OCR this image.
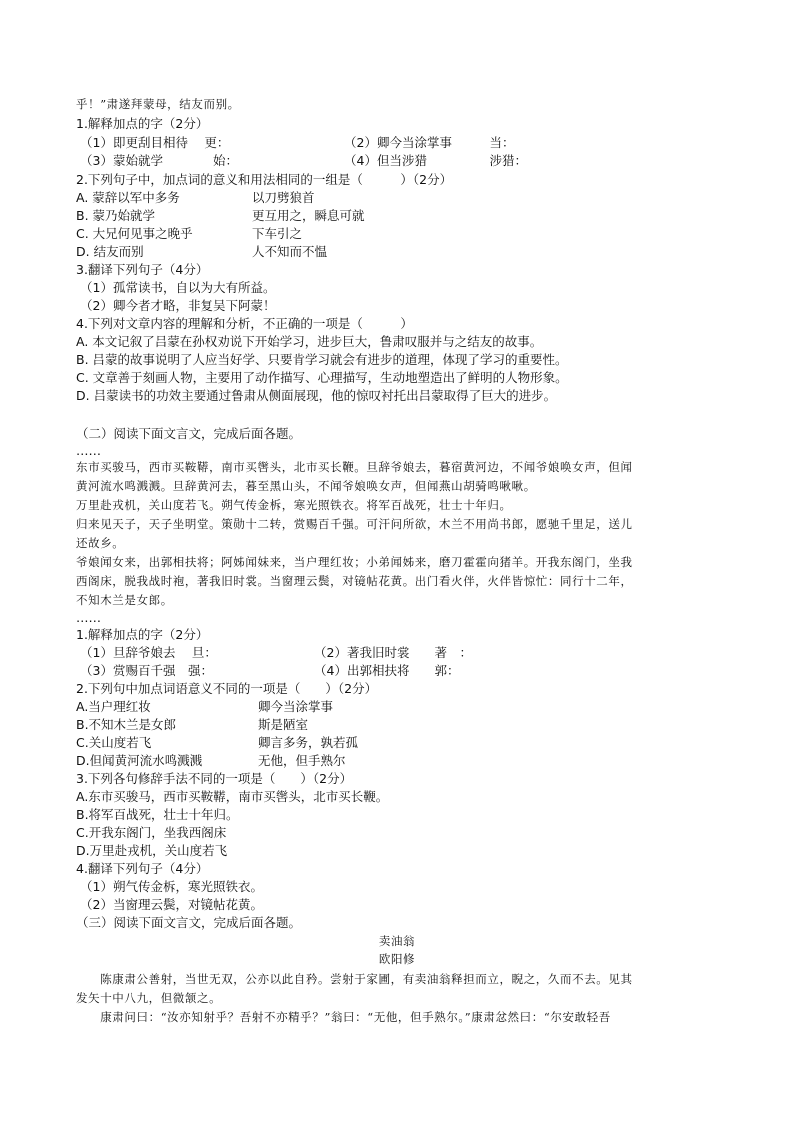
乎！”肃遂拜蒙母，结友而别。
1.解释加点的字（2分）
（1）即更刮目相待　 更：	（2）卿今当涂掌事　　　当：
（3）蒙始就学　　　　始：	（4）但当涉猎　　　　　涉猎：
2.下列句子中，加点词的意义和用法相同的一组是（　　　）（2分）
A. 蒙辞以军中多务	以刀劈狼首
B. 蒙乃始就学	更互用之，瞬息可就
C. 大兄何见事之晚乎	下车引之
D. 结友而别	人不知而不愠
3.翻译下列句子（4分）
（1）孤常读书，自以为大有所益。
（2）卿今者才略，非复吴下阿蒙！
4.下列对文章内容的理解和分析，不正确的一项是（　　　）
A. 本文记叙了吕蒙在孙权劝说下开始学习，进步巨大，鲁肃叹服并与之结友的故事。
B. 吕蒙的故事说明了人应当好学、只要肯学习就会有进步的道理，体现了学习的重要性。
C. 文章善于刻画人物，主要用了动作描写、心理描写，生动地塑造出了鲜明的人物形象。
D. 吕蒙读书的功效主要通过鲁肃从侧面展现，他的惊叹衬托出吕蒙取得了巨大的进步。
（二）阅读下面文言文，完成后面各题。
……
东市买骏马，西市买鞍鞯，南市买辔头，北市买长鞭。旦辞爷娘去，暮宿黄河边，不闻爷娘唤女声，但闻
黄河流水鸣溅溅。旦辞黄河去，暮至黑山头，不闻爷娘唤女声，但闻燕山胡骑鸣啾啾。
万里赴戎机，关山度若飞。朔气传金柝，寒光照铁衣。将军百战死，壮士十年归。
归来见天子，天子坐明堂。策勋十二转，赏赐百千强。可汗问所欲，木兰不用尚书郎，愿驰千里足，送儿
还故乡。
爷娘闻女来，出郭相扶将；阿姊闻妹来，当户理红妆；小弟闻姊来，磨刀霍霍向猪羊。开我东阁门，坐我
西阁床，脱我战时袍，著我旧时裳。当窗理云鬓，对镜帖花黄。出门看火伴，火伴皆惊忙：同行十二年，
不知木兰是女郎。
……
1.解释加点的字（2分）
（1）旦辞爷娘去　 旦：	（2）著我旧时裳　　著　：
（3）赏赐百千强　强：	（4）出郭相扶将　　郭：
2.下列句中加点词语意义不同的一项是（　　）（2分）
A.当户理红妆	卿今当涂掌事
B.不知木兰是女郎	斯是陋室
C.关山度若飞	卿言多务，孰若孤
D.但闻黄河流水鸣溅溅	无他，但手熟尔
3.下列各句修辞手法不同的一项是（　　）（2分）
A.东市买骏马，西市买鞍鞯，南市买辔头，北市买长鞭。
B.将军百战死，壮士十年归。
C.开我东阁门，坐我西阁床
D.万里赴戎机，关山度若飞
4.翻译下列句子（4分）
（1）朔气传金柝，寒光照铁衣。
（2）当窗理云鬓，对镜帖花黄。
（三）阅读下面文言文，完成后面各题。
卖油翁
欧阳修
　　陈康肃公善射，当世无双，公亦以此自矜。尝射于家圃，有卖油翁释担而立，睨之，久而不去。见其
发矢十中八九，但微颔之。
　　康肃问曰：“汝亦知射乎？吾射不亦精乎？”翁曰：“无他，但手熟尔。”康肃忿然曰：“尔安敢轻吾
